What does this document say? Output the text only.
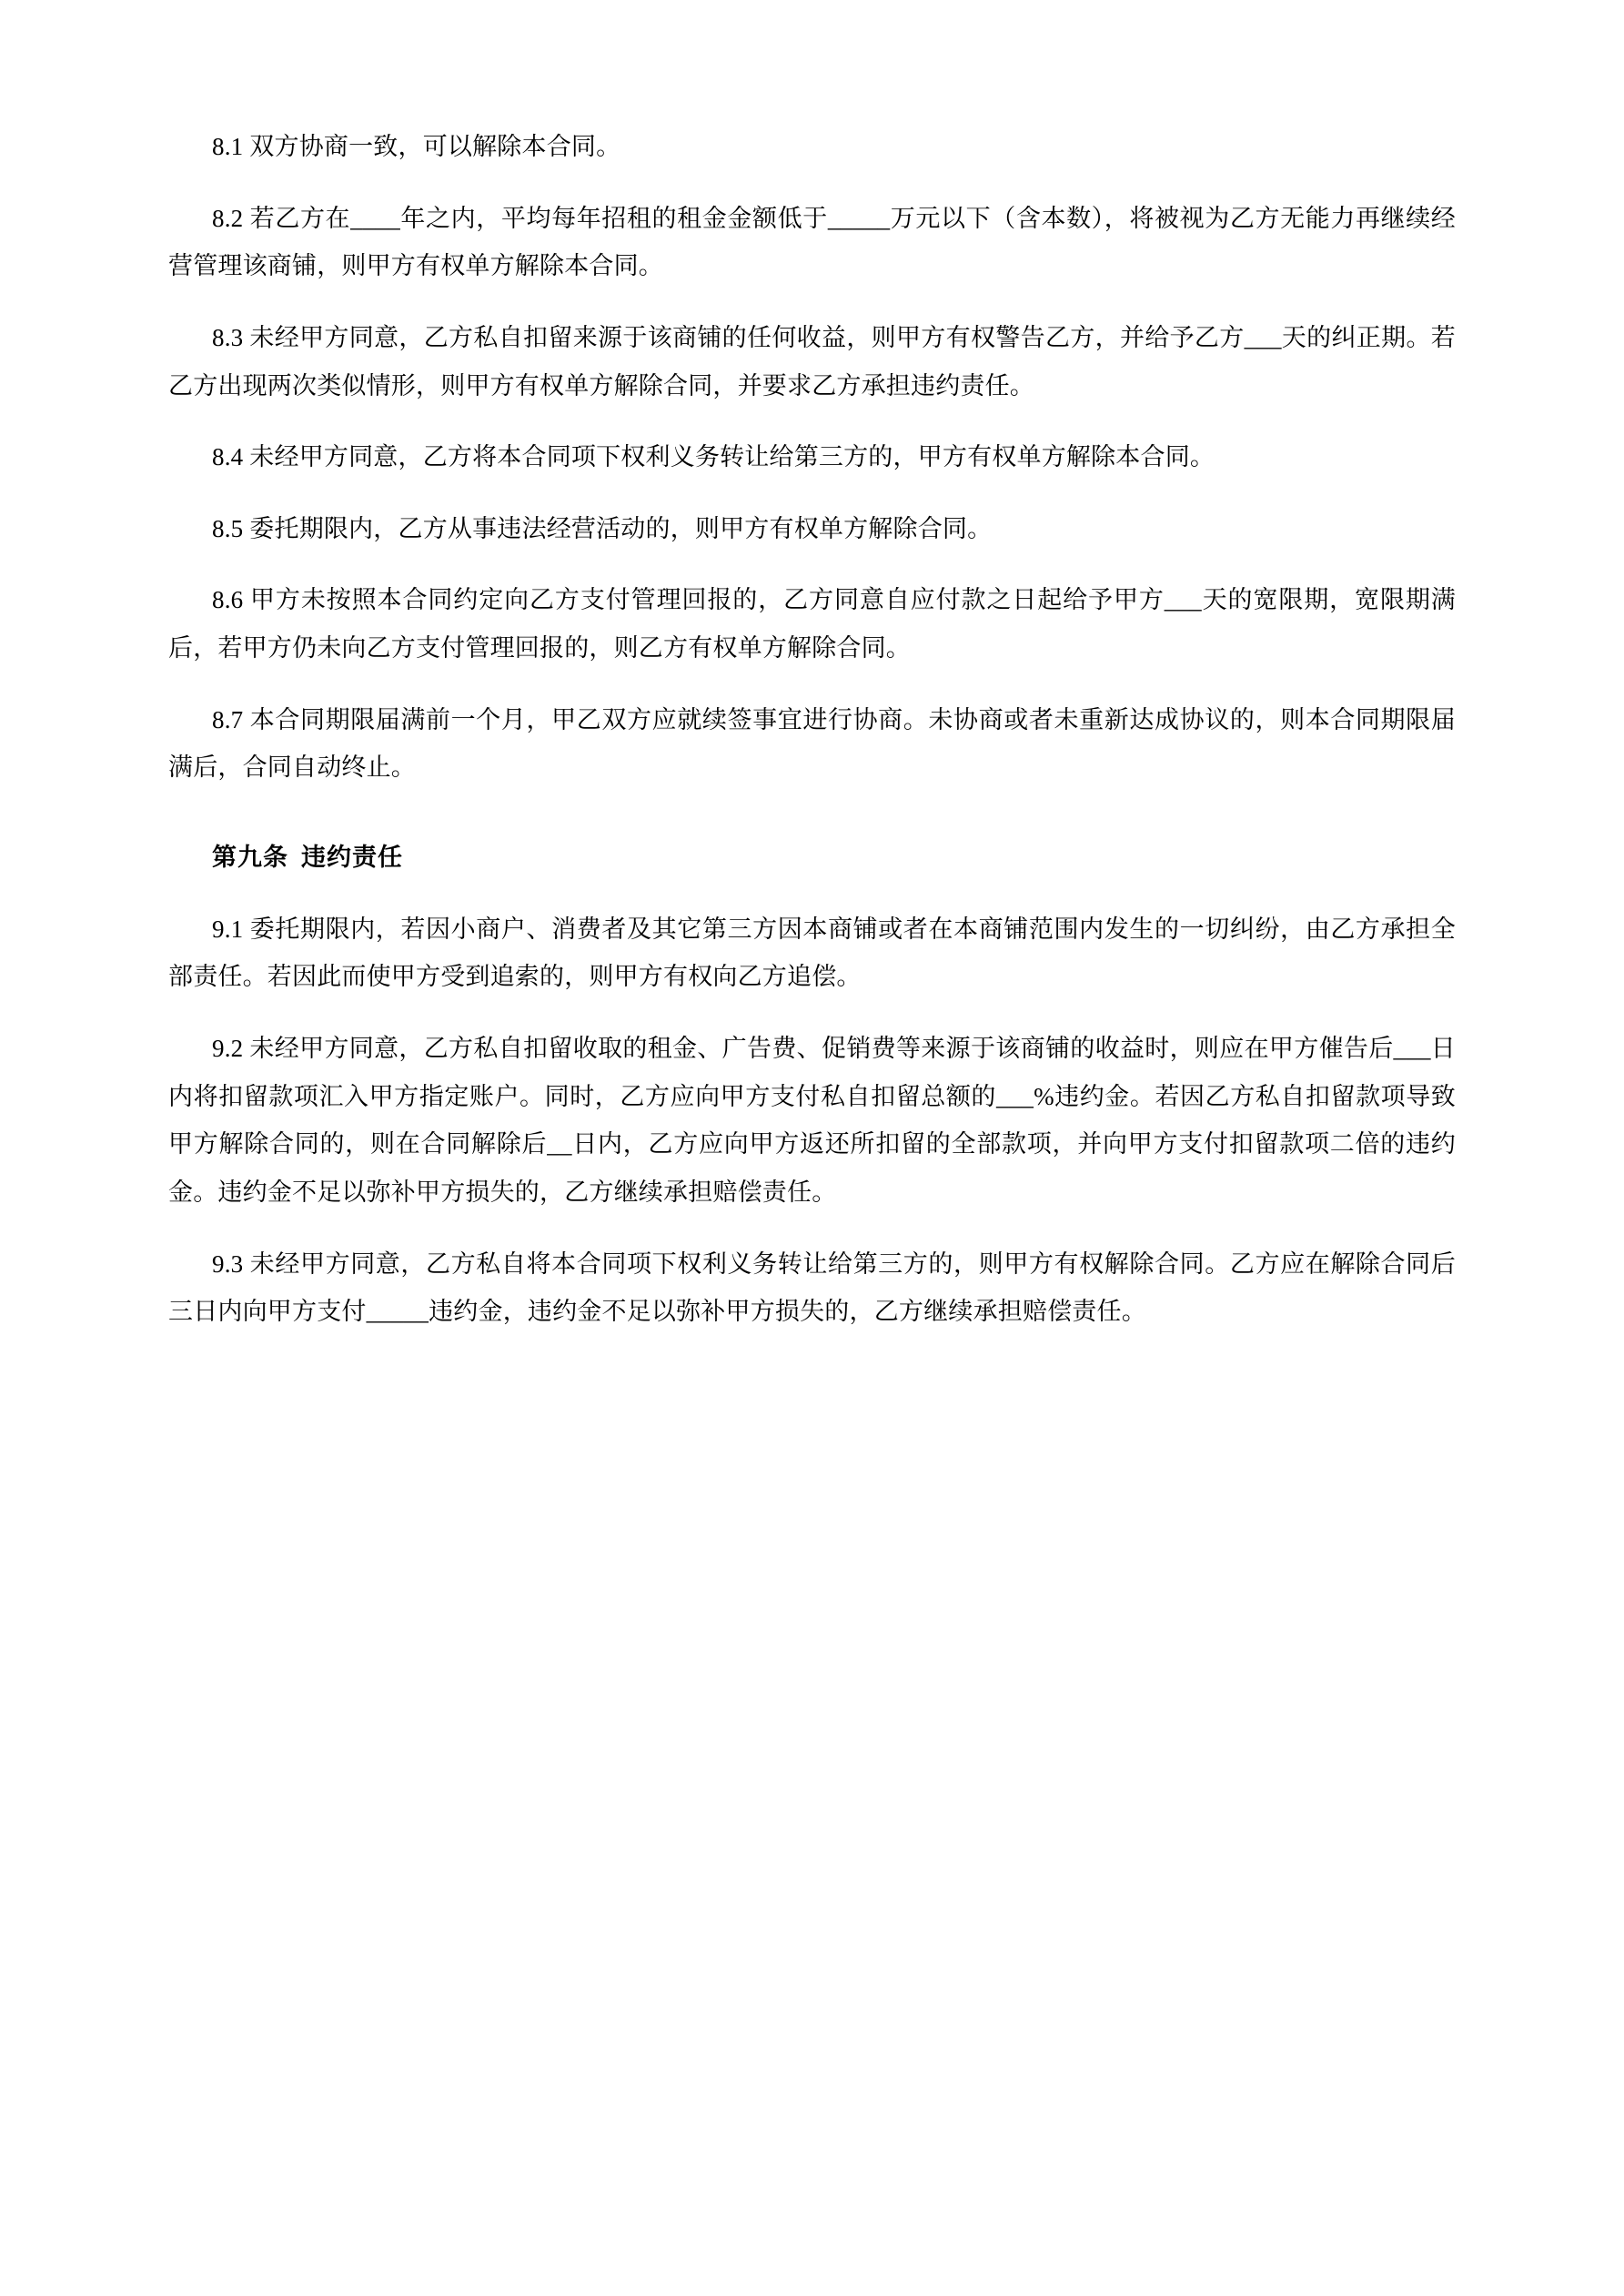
8.1 双方协商一致，可以解除本合同。

8.2 若乙方在____年之内，平均每年招租的租金金额低于_____万元以下（含本数），将被视为乙方无能力再继续经营管理该商铺，则甲方有权单方解除本合同。

8.3 未经甲方同意，乙方私自扣留来源于该商铺的任何收益，则甲方有权警告乙方，并给予乙方___天的纠正期。若乙方出现两次类似情形，则甲方有权单方解除合同，并要求乙方承担违约责任。

8.4 未经甲方同意，乙方将本合同项下权利义务转让给第三方的，甲方有权单方解除本合同。

8.5 委托期限内，乙方从事违法经营活动的，则甲方有权单方解除合同。

8.6 甲方未按照本合同约定向乙方支付管理回报的，乙方同意自应付款之日起给予甲方___天的宽限期，宽限期满后，若甲方仍未向乙方支付管理回报的，则乙方有权单方解除合同。

8.7 本合同期限届满前一个月，甲乙双方应就续签事宜进行协商。未协商或者未重新达成协议的，则本合同期限届满后，合同自动终止。

第九条 违约责任

9.1 委托期限内，若因小商户、消费者及其它第三方因本商铺或者在本商铺范围内发生的一切纠纷，由乙方承担全部责任。若因此而使甲方受到追索的，则甲方有权向乙方追偿。

9.2 未经甲方同意，乙方私自扣留收取的租金、广告费、促销费等来源于该商铺的收益时，则应在甲方催告后___日内将扣留款项汇入甲方指定账户。同时，乙方应向甲方支付私自扣留总额的___%违约金。若因乙方私自扣留款项导致甲方解除合同的，则在合同解除后__日内，乙方应向甲方返还所扣留的全部款项，并向甲方支付扣留款项二倍的违约金。违约金不足以弥补甲方损失的，乙方继续承担赔偿责任。

9.3 未经甲方同意，乙方私自将本合同项下权利义务转让给第三方的，则甲方有权解除合同。乙方应在解除合同后三日内向甲方支付_____违约金，违约金不足以弥补甲方损失的，乙方继续承担赔偿责任。
